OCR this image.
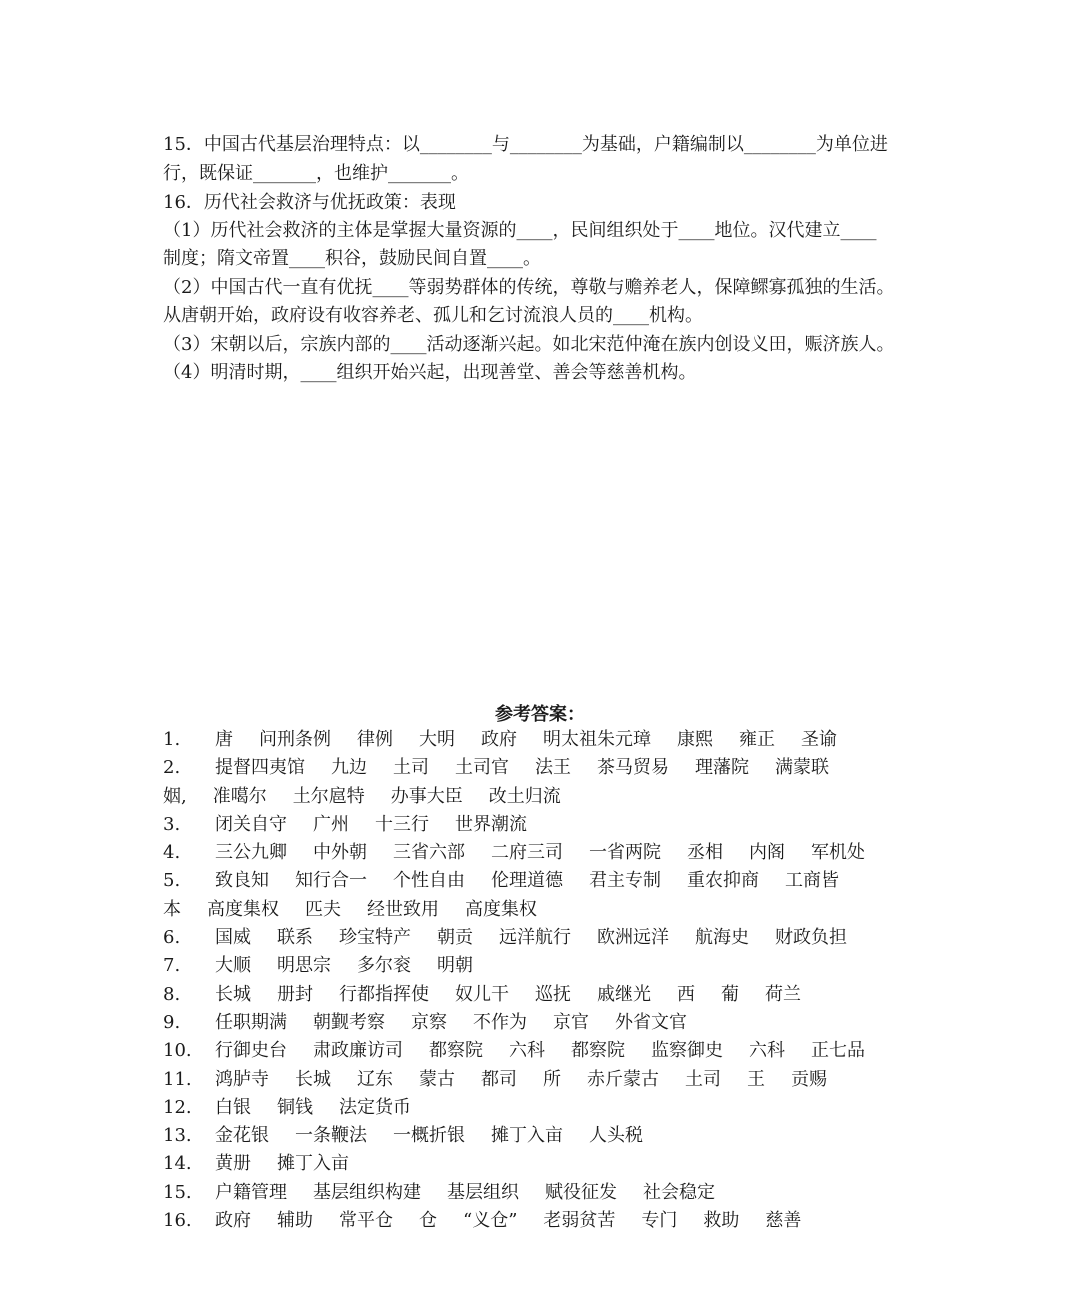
15．中国古代基层治理特点：以________与________为基础，户籍编制以________为单位进
行，既保证_______，也维护_______。
16．历代社会救济与优抚政策：表现
（1）历代社会救济的主体是掌握大量资源的____，民间组织处于____地位。汉代建立____
制度；隋文帝置____积谷，鼓励民间自置____。
（2）中国古代一直有优抚____等弱势群体的传统，尊敬与赡养老人，保障鳏寡孤独的生活。
从唐朝开始，政府设有收容养老、孤儿和乞讨流浪人员的____机构。
（3）宋朝以后，宗族内部的____活动逐渐兴起。如北宋范仲淹在族内创设义田，赈济族人。
（4）明清时期，____组织开始兴起，出现善堂、善会等慈善机构。
参考答案：
1. 唐 问刑条例 律例 大明 政府 明太祖朱元璋 康熙 雍正 圣谕
2. 提督四夷馆 九边 土司 土司官 法王 茶马贸易 理藩院 满蒙联
姻, 准噶尔 土尔扈特 办事大臣 改土归流
3. 闭关自守 广州 十三行 世界潮流
4. 三公九卿 中外朝 三省六部 二府三司 一省两院 丞相 内阁 军机处
5. 致良知 知行合一 个性自由 伦理道德 君主专制 重农抑商 工商皆
本 高度集权 匹夫 经世致用 高度集权
6. 国威 联系 珍宝特产 朝贡 远洋航行 欧洲远洋 航海史 财政负担
7. 大顺 明思宗 多尔衮 明朝
8. 长城 册封 行都指挥使 奴儿干 巡抚 戚继光 西 葡 荷兰
9. 任职期满 朝觐考察 京察 不作为 京官 外省文官
10. 行御史台 肃政廉访司 都察院 六科 都察院 监察御史 六科 正七品
11. 鸿胪寺 长城 辽东 蒙古 都司 所 赤斤蒙古 土司 王 贡赐
12. 白银 铜钱 法定货币
13. 金花银 一条鞭法 一概折银 摊丁入亩 人头税
14. 黄册 摊丁入亩
15. 户籍管理 基层组织构建 基层组织 赋役征发 社会稳定
16. 政府 辅助 常平仓 仓 “义仓” 老弱贫苦 专门 救助 慈善
